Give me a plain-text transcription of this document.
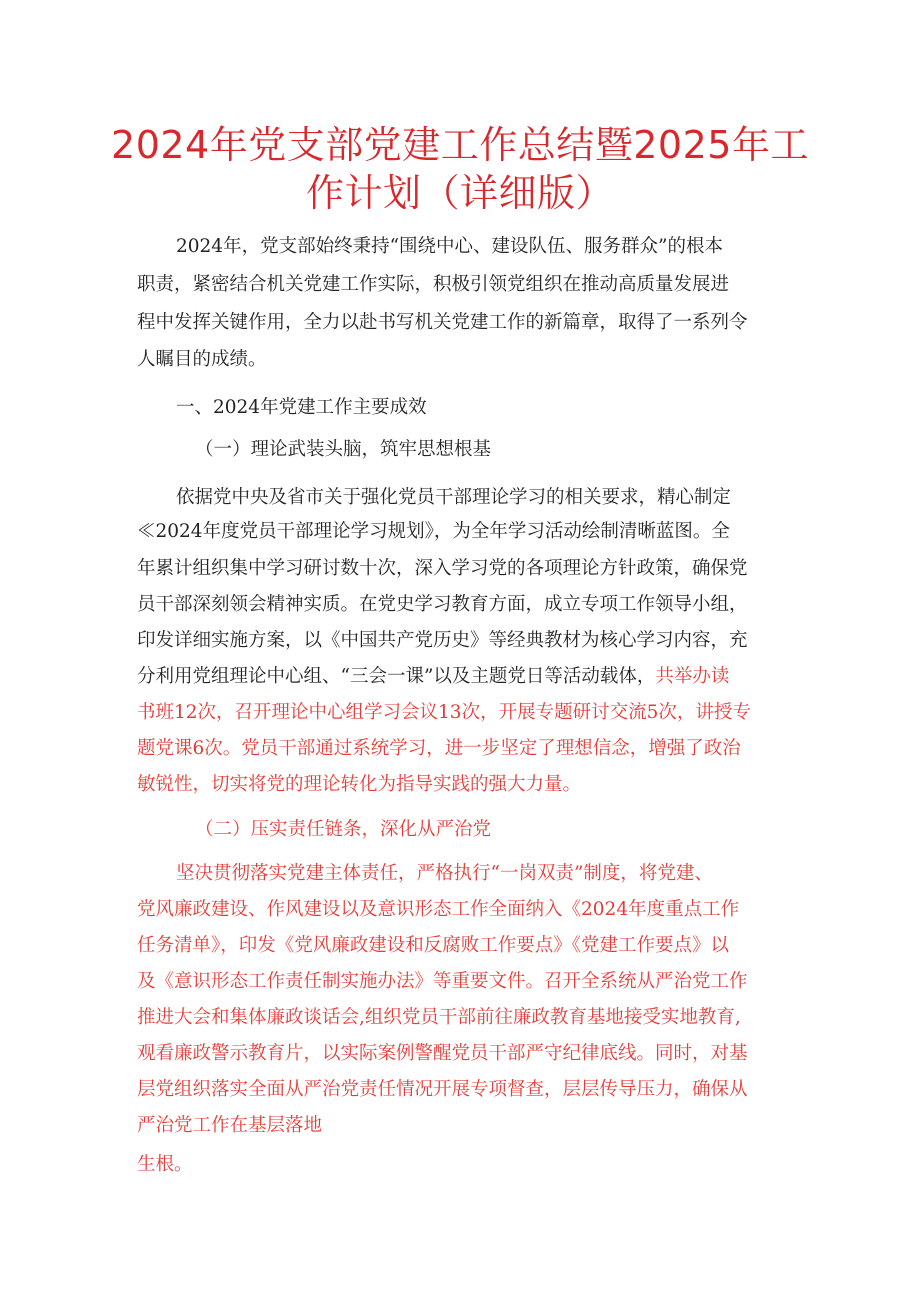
2024年党支部党建工作总结暨2025年工
作计划（详细版）

2024年，党支部始终秉持“围绕中心、建设队伍、服务群众”的根本

职责，紧密结合机关党建工作实际，积极引领党组织在推动高质量发展进

程中发挥关键作用，全力以赴书写机关党建工作的新篇章，取得了一系列令

人瞩目的成绩。

一、2024年党建工作主要成效

（一）理论武装头脑，筑牢思想根基

依据党中央及省市关于强化党员干部理论学习的相关要求，精心制定

≪2024年度党员干部理论学习规划》，为全年学习活动绘制清晰蓝图。全

年累计组织集中学习研讨数十次，深入学习党的各项理论方针政策，确保党

员干部深刻领会精神实质。在党史学习教育方面，成立专项工作领导小组，

印发详细实施方案，以《中国共产党历史》等经典教材为核心学习内容，充

分利用党组理论中心组、“三会一课”以及主题党日等活动载体，共举办读

书班12次，召开理论中心组学习会议13次，开展专题研讨交流5次，讲授专

题党课6次。党员干部通过系统学习，进一步坚定了理想信念，增强了政治

敏锐性，切实将党的理论转化为指导实践的强大力量。

（二）压实责任链条，深化从严治党

坚决贯彻落实党建主体责任，严格执行“一岗双责”制度，将党建、

党风廉政建设、作风建设以及意识形态工作全面纳入《2024年度重点工作

任务清单》，印发《党风廉政建设和反腐败工作要点》《党建工作要点》以

及《意识形态工作责任制实施办法》等重要文件。召开全系统从严治党工作

推进大会和集体廉政谈话会,组织党员干部前往廉政教育基地接受实地教育,

观看廉政警示教育片，以实际案例警醒党员干部严守纪律底线。同时，对基

层党组织落实全面从严治党责任情况开展专项督查，层层传导压力，确保从

严治党工作在基层落地

生根。
